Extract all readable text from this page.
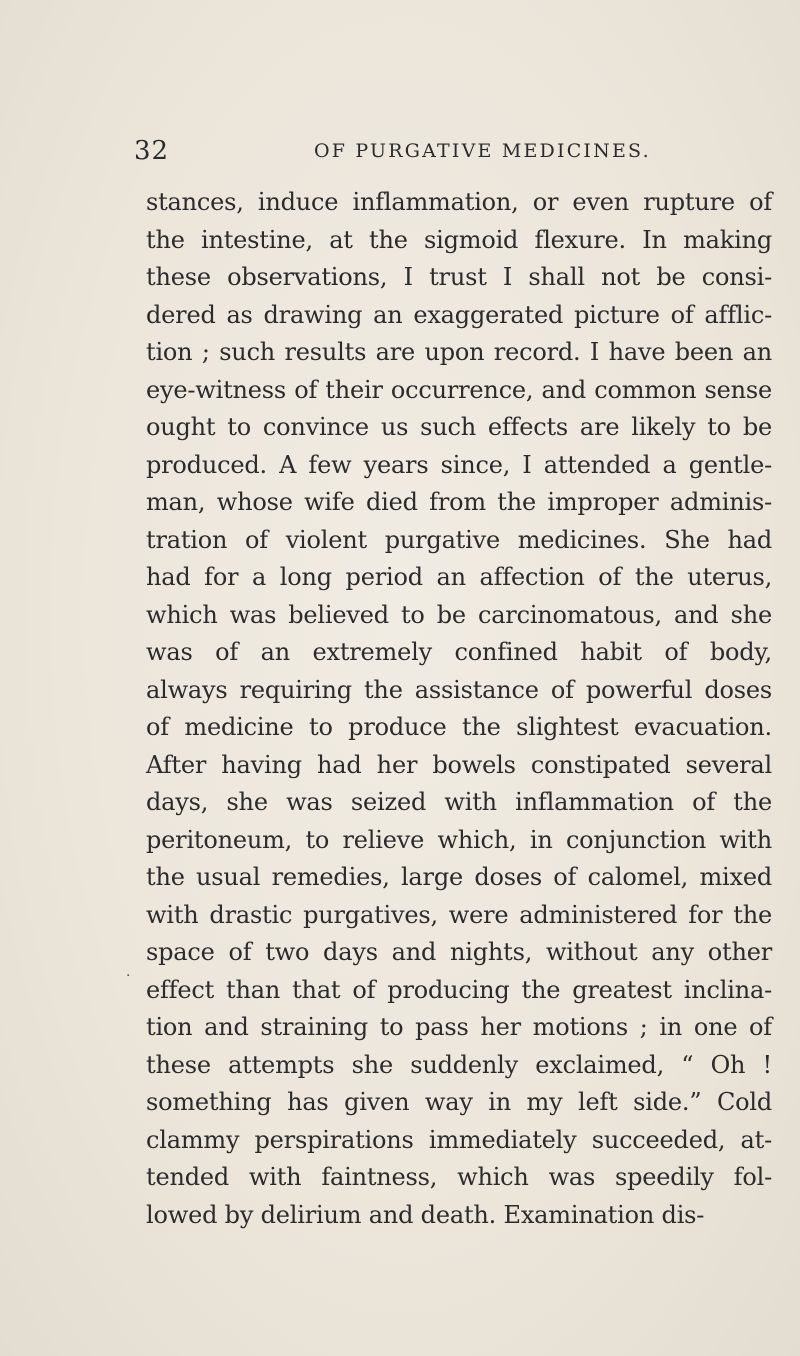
32	OF PURGATIVE MEDICINES.
stances, induce inflammation, or even rupture of
the intestine, at the sigmoid flexure. In making
these observations, I trust I shall not be consi-
dered as drawing an exaggerated picture of afflic-
tion ; such results are upon record. I have been an
eye-witness of their occurrence, and common sense
ought to convince us such effects are likely to be
produced. A few years since, I attended a gentle-
man, whose wife died from the improper adminis-
tration of violent purgative medicines. She had
had for a long period an affection of the uterus,
which was believed to be carcinomatous, and she
was of an extremely confined habit of body,
always requiring the assistance of powerful doses
of medicine to produce the slightest evacuation.
After having had her bowels constipated several
days, she was seized with inflammation of the
peritoneum, to relieve which, in conjunction with
the usual remedies, large doses of calomel, mixed
with drastic purgatives, were administered for the
space of two days and nights, without any other
effect than that of producing the greatest inclina-
tion and straining to pass her motions ; in one of
these attempts she suddenly exclaimed, “ Oh !
something has given way in my left side.” Cold
clammy perspirations immediately succeeded, at-
tended with faintness, which was speedily fol-
lowed by delirium and death. Examination dis-
·
